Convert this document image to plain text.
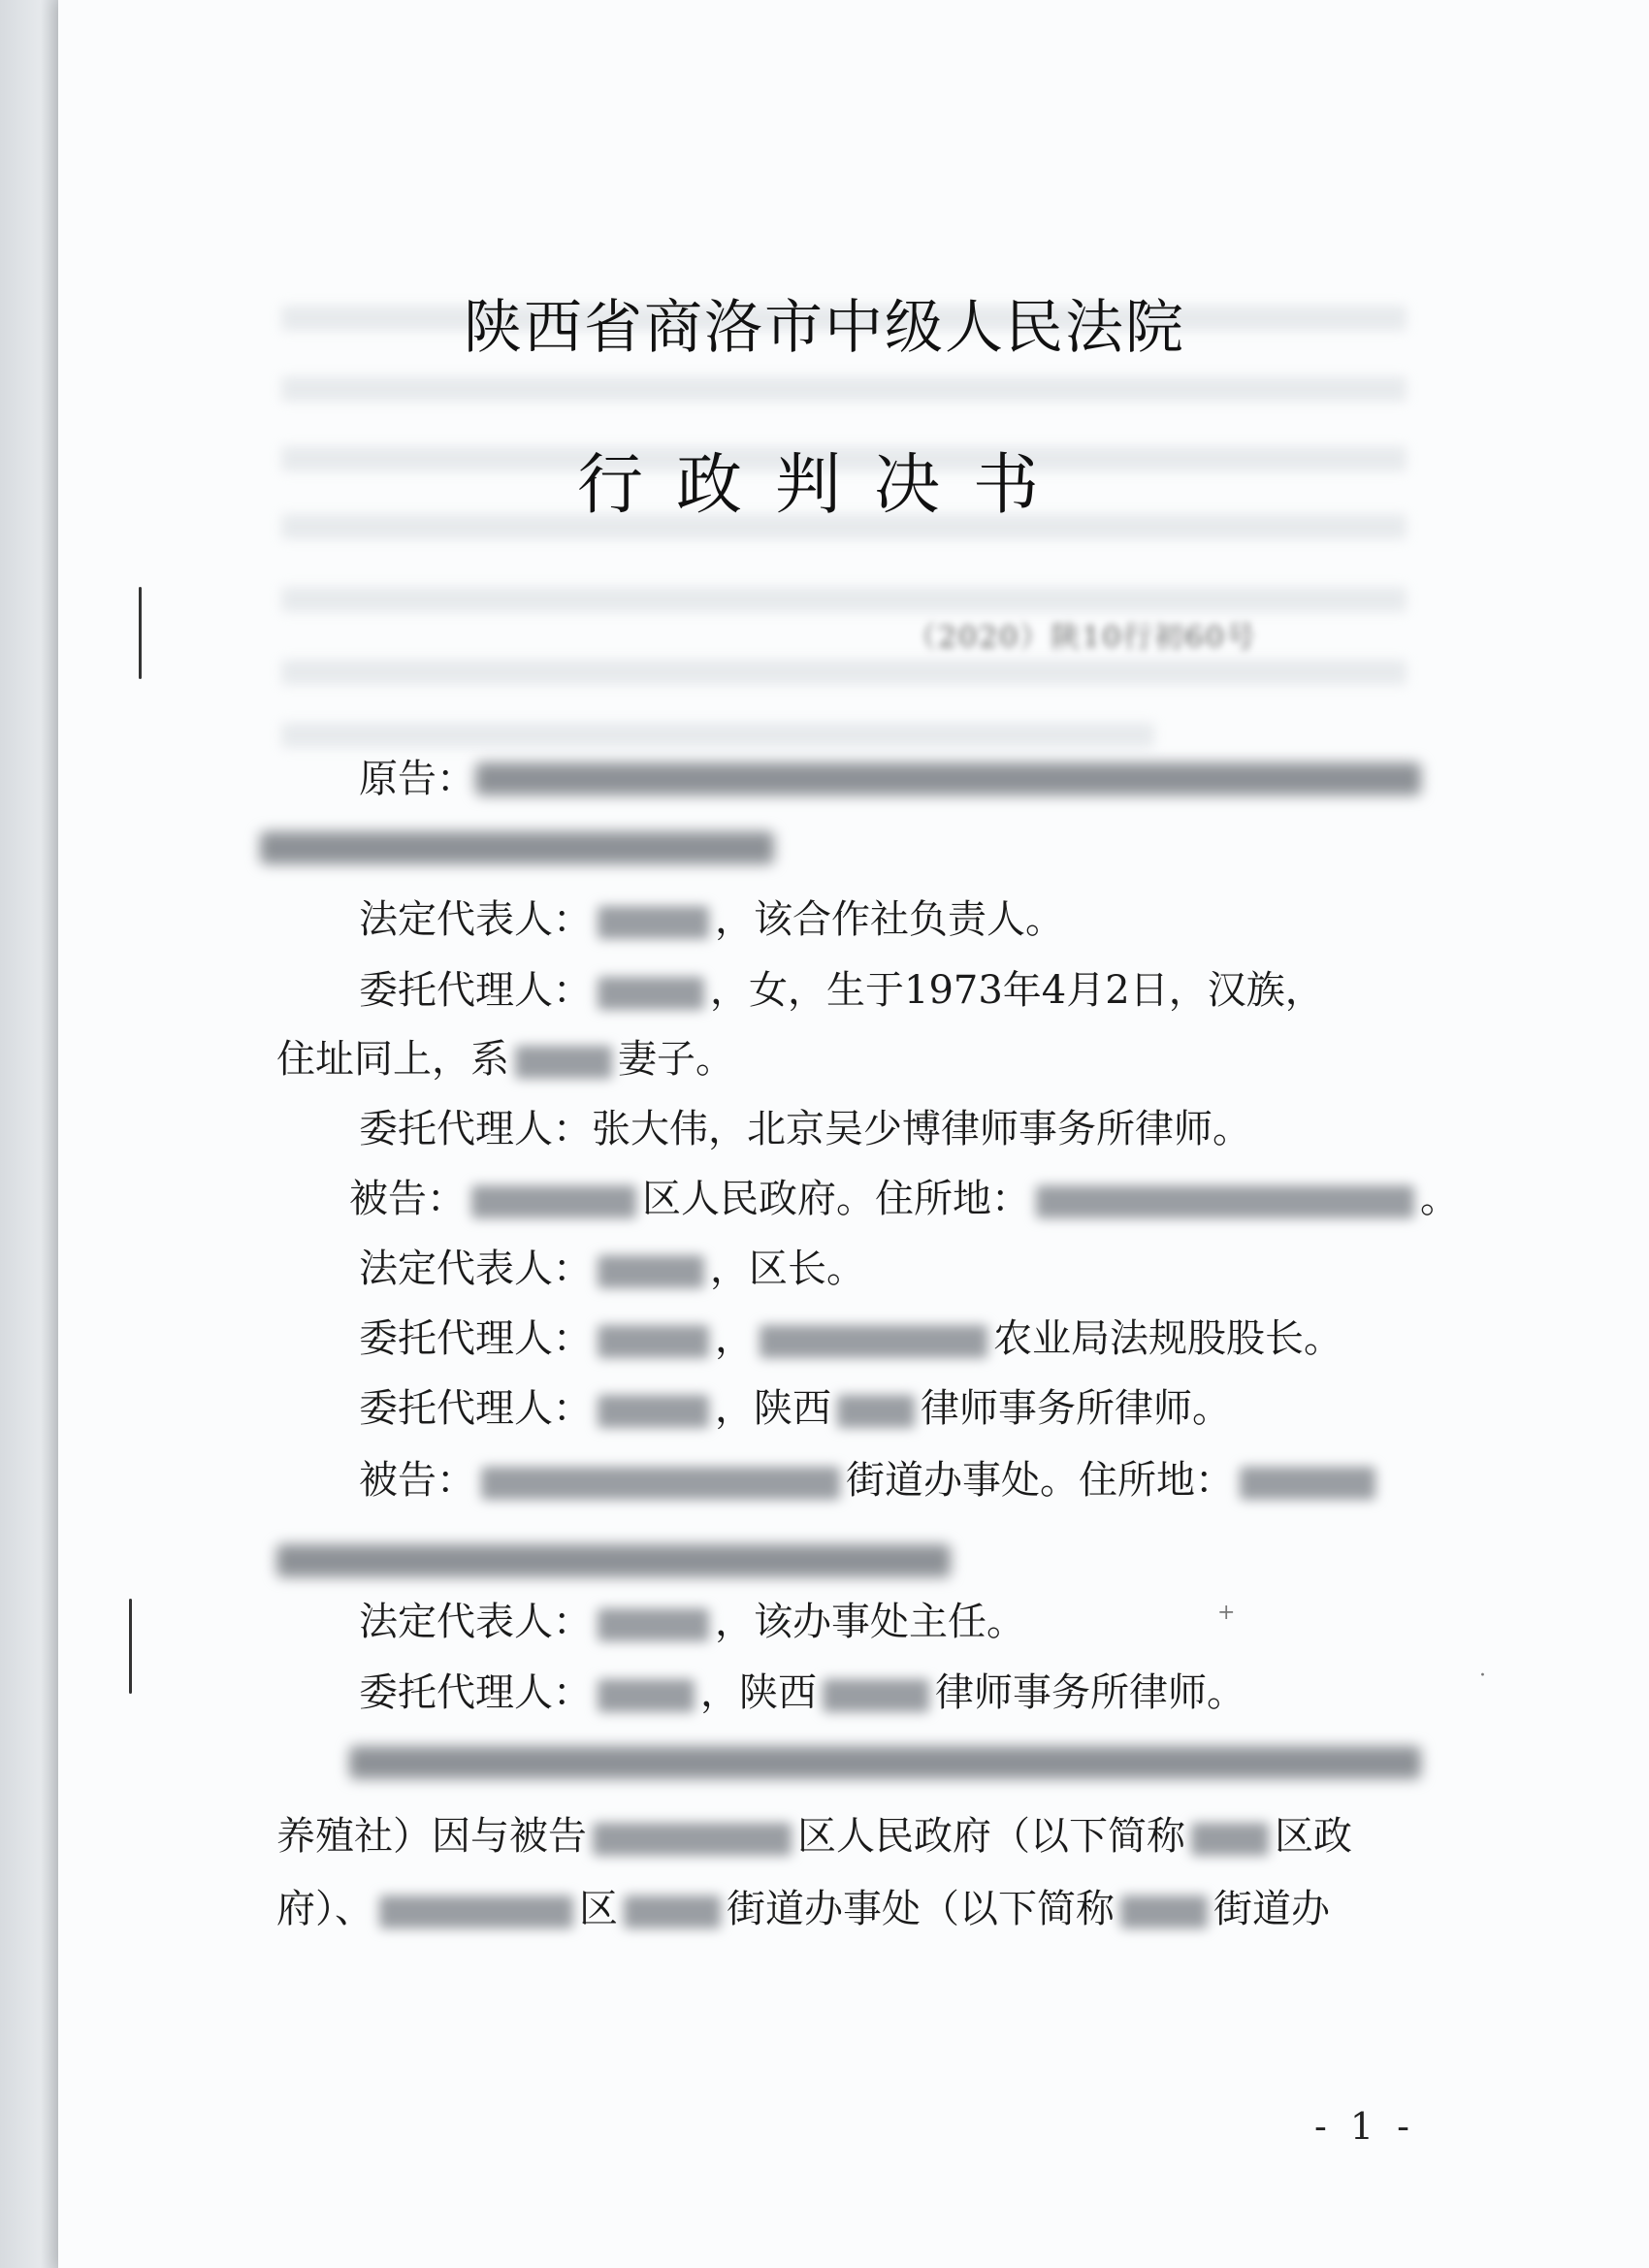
陕西省商洛市中级人民法院
行政判决书
（2020）陕10行初60号
原告：
法定代表人：	，该合作社负责人。
委托代理人：	，女，生于1973年4月2日，汉族，
住址同上，系	妻子。
委托代理人：张大伟，北京吴少博律师事务所律师。
被告：	区人民政府。住所地：	。
法定代表人：	，区长。
委托代理人：	，	农业局法规股股长。
委托代理人：	，陕西 律师事务所律师。
被告：	街道办事处。住所地：
法定代表人：	，该办事处主任。
委托代理人：	，陕西	律师事务所律师。
养殖社）因与被告	区人民政府（以下简称 区政
府）、	区	街道办事处（以下简称	街道办
- 1 -
+
·
